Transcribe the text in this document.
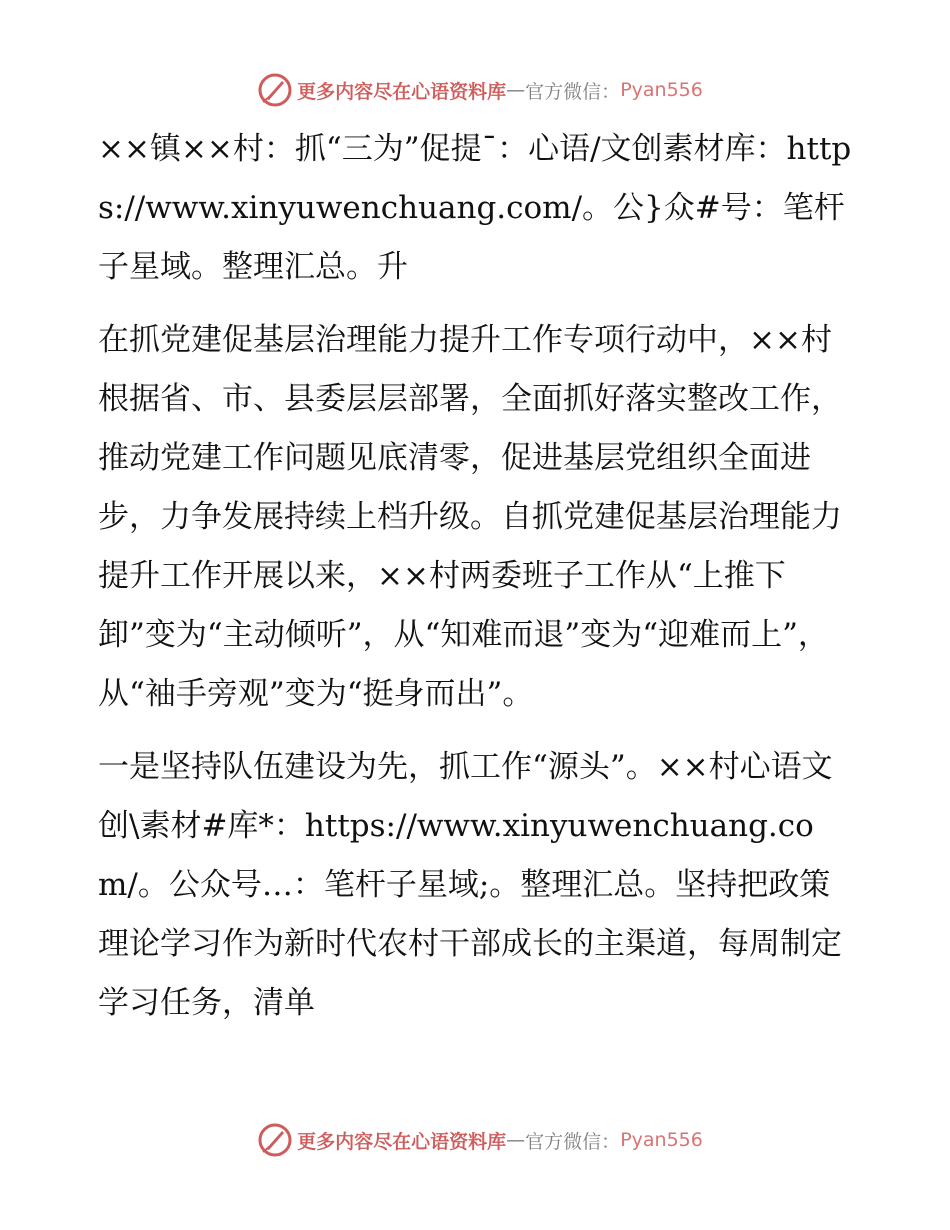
更多内容尽在心语资料库 — 官方微信： Pyan556

××镇××村：抓“三为”促提¯：心语/文创素材库：https://www.xinyuwenchuang.com/。公}众#号：笔杆子星域。整理汇总。升

在抓党建促基层治理能力提升工作专项行动中，××村根据省、市、县委层层部署，全面抓好落实整改工作，推动党建工作问题见底清零，促进基层党组织全面进步，力争发展持续上档升级。自抓党建促基层治理能力提升工作开展以来，××村两委班子工作从“上推下卸”变为“主动倾听”，从“知难而退”变为“迎难而上”，从“袖手旁观”变为“挺身而出”。

一是坚持队伍建设为先，抓工作“源头”。××村心语文创\素材#库*：https://www.xinyuwenchuang.com/。公众号…：笔杆子星域;。整理汇总。坚持把政策理论学习作为新时代农村干部成长的主渠道，每周制定学习任务，清单

更多内容尽在心语资料库 — 官方微信： Pyan556
